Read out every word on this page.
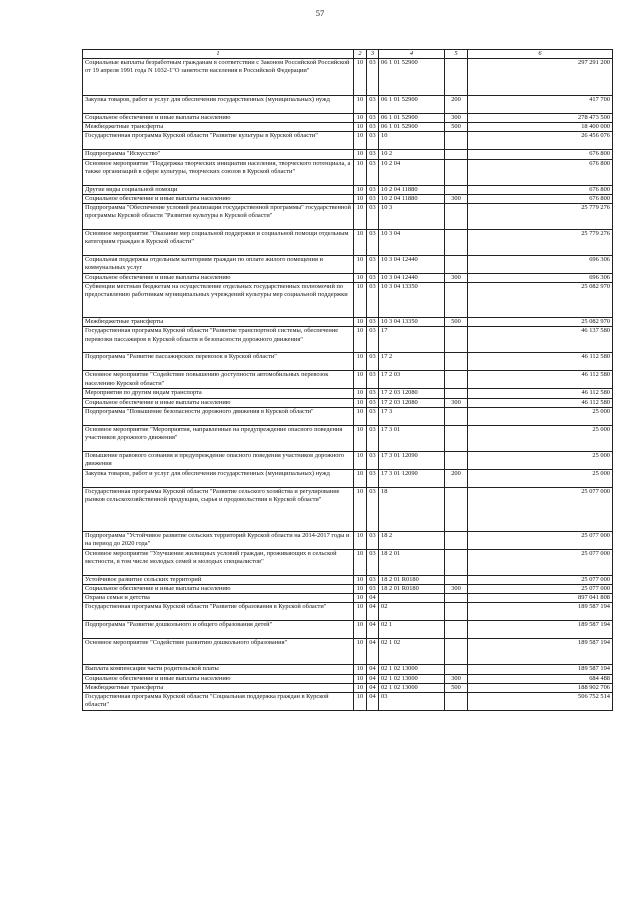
57
1	2	3	4	5	6
Социальные выплаты безработным гражданам в соответствии с Законом Российской Российской от 19 апреля 1991 года N 1032-1"О занятости населения в Российской Федерации"	10	03	06 1 01 52900		297 291 200
Закупка товаров, работ и услуг для обеспечения государственных (муниципальных) нужд	10	03	06 1 01 52900	200	417 700
Социальное обеспечение и иные выплаты населению	10	03	06 1 01 52900	300	278 473 500
Межбюджетные трансферты	10	03	06 1 01 52900	500	18 400 000
Государственная программа Курской области "Развитие культуры в Курской области"	10	03	10		26 456 076
Подпрограмма "Искусство"	10	03	10 2		676 800
Основное мероприятие "Поддержка творческих инициатив населения, творческого потенциала, а также организаций в сфере культуры, творческих союзов в Курской области"	10	03	10 2 04		676 800
Другие виды социальной помощи	10	03	10 2 04 11880		676 800
Социальное обеспечение и иные выплаты населению	10	03	10 2 04 11880	300	676 800
Подпрограмма "Обеспечение условий реализации государственной программы" государственной программы Курской области "Развитие культуры в Курской области"	10	03	10 3		25 779 276
Основное мероприятие "Оказание мер социальной поддержки и социальной помощи отдельным категориям граждан в Курской области"	10	03	10 3 04		25 779 276
Социальная поддержка отдельным категориям граждан по оплате жилого помещения и коммунальных услуг	10	03	10 3 04 12440		696 306
Социальное обеспечение и иные выплаты населению	10	03	10 3 04 12440	300	696 306
Субвенции местным бюджетам на осуществление отдельных государственных полномочий по предоставлению работникам муниципальных учреждений культуры мер социальной поддержки	10	03	10 3 04 13350		25 082 970
Межбюджетные трансферты	10	03	10 3 04 13350	500	25 082 970
Государственная программа Курской области "Развитие транспортной системы, обеспечение перевозки пассажиров в Курской области и безопасности дорожного движения"	10	03	17		46 137 580
Подпрограмма "Развитие пассажирских перевозок в Курской области"	10	03	17 2		46 112 580
Основное мероприятие "Содействие повышению доступности автомобильных перевозок населению Курской области"	10	03	17 2 03		46 112 580
Мероприятия по другим видам транспорта	10	03	17 2 03 12080		46 112 580
Социальное обеспечение и иные выплаты населению	10	03	17 2 03 12080	300	46 112 580
Подпрограмма "Повышение безопасности дорожного движения в Курской области"	10	03	17 3		25 000
Основное мероприятие "Мероприятия, направленные на предупреждение опасного поведения участников дорожного движения"	10	03	17 3 01		25 000
Повышение правового сознания и предупреждение опасного поведения участников дорожного движения	10	03	17 3 01 12090		25 000
Закупка товаров, работ и услуг для обеспечения государственных (муниципальных) нужд	10	03	17 3 01 12090	200	25 000
Государственная программа Курской области "Развитие сельского хозяйства и регулирование рынков сельскохозяйственной продукции, сырья и продовольствия в Курской области"	10	03	18		25 077 000
Подпрограмма "Устойчивое развитие сельских территорий Курской области на 2014-2017 годы и на период до 2020 года"	10	03	18 2		25 077 000
Основное мероприятие "Улучшение жилищных условий граждан, проживающих в сельской местности, в том числе молодых семей и молодых специалистов"	10	03	18 2 01		25 077 000
Устойчивое развитие сельских территорий	10	03	18 2 01 R0180		25 077 000
Социальное обеспечение и иные выплаты населению	10	03	18 2 01 R0180	300	25 077 000
Охрана семьи и детства	10	04			897 041 808
Государственная программа Курской области "Развитие образования в Курской области"	10	04	02		189 587 194
Подпрограмма "Развитие дошкольного и общего образования детей"	10	04	02 1		189 587 194
Основное мероприятие "Содействие развитию дошкольного образования"	10	04	02 1 02		189 587 194
Выплата компенсации части родительской платы	10	04	02 1 02 13000		189 587 194
Социальное обеспечение и иные выплаты населению	10	04	02 1 02 13000	300	684 488
Межбюджетные трансферты	10	04	02 1 02 13000	500	188 902 706
Государственная программа Курской области "Социальная поддержка граждан в Курской области"	10	04	03		506 752 514
